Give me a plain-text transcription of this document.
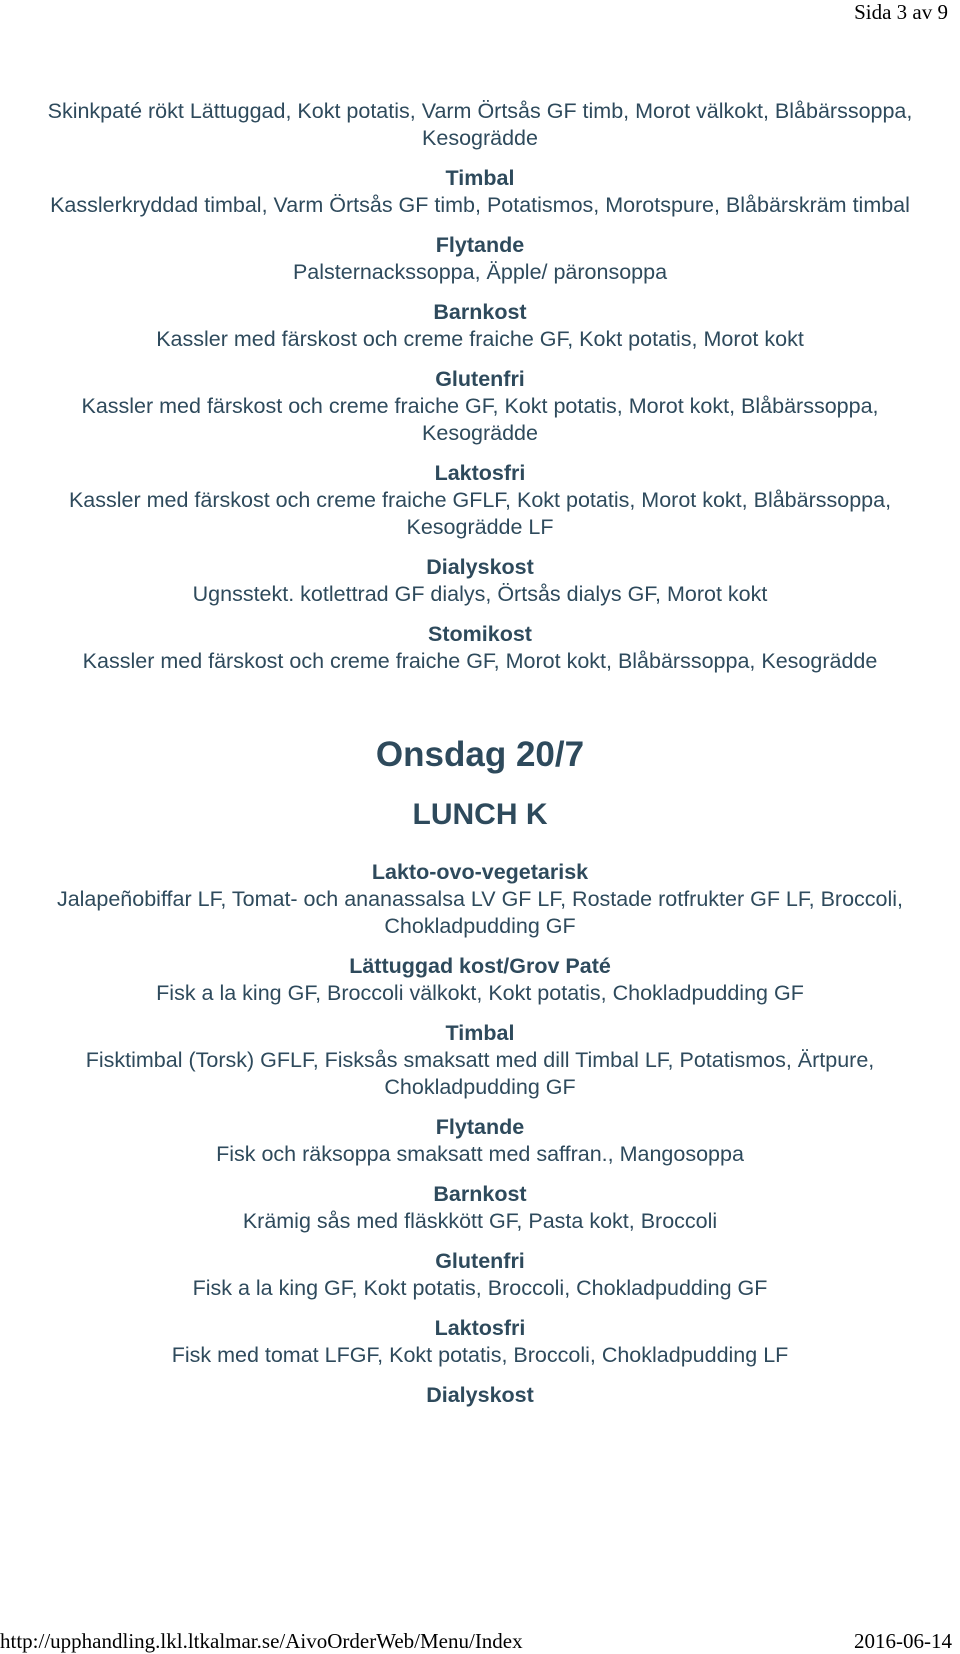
Sida 3 av 9
Skinkpaté rökt Lättuggad, Kokt potatis, Varm Örtsås GF timb, Morot välkokt, Blåbärssoppa, Kesogrädde
Timbal
Kasslerkryddad timbal, Varm Örtsås GF timb, Potatismos, Morotspure, Blåbärskräm timbal
Flytande
Palsternackssoppa, Äpple/ päronsoppa
Barnkost
Kassler med färskost och creme fraiche GF, Kokt potatis, Morot kokt
Glutenfri
Kassler med färskost och creme fraiche GF, Kokt potatis, Morot kokt, Blåbärssoppa, Kesogrädde
Laktosfri
Kassler med färskost och creme fraiche GFLF, Kokt potatis, Morot kokt, Blåbärssoppa, Kesogrädde LF
Dialyskost
Ugnsstekt. kotlettrad GF dialys, Örtsås dialys GF, Morot kokt
Stomikost
Kassler med färskost och creme fraiche GF, Morot kokt, Blåbärssoppa, Kesogrädde
Onsdag 20/7
LUNCH K
Lakto-ovo-vegetarisk
Jalapeñobiffar LF, Tomat- och ananassalsa LV GF LF, Rostade rotfrukter GF LF, Broccoli, Chokladpudding GF
Lättuggad kost/Grov Paté
Fisk a la king GF, Broccoli välkokt, Kokt potatis, Chokladpudding GF
Timbal
Fisktimbal (Torsk) GFLF, Fisksås smaksatt med dill Timbal LF, Potatismos, Ärtpure, Chokladpudding GF
Flytande
Fisk och räksoppa smaksatt med saffran., Mangosoppa
Barnkost
Krämig sås med fläskkött GF, Pasta kokt, Broccoli
Glutenfri
Fisk a la king GF, Kokt potatis, Broccoli, Chokladpudding GF
Laktosfri
Fisk med tomat LFGF, Kokt potatis, Broccoli, Chokladpudding LF
Dialyskost
http://upphandling.lkl.ltkalmar.se/AivoOrderWeb/Menu/Index	2016-06-14
